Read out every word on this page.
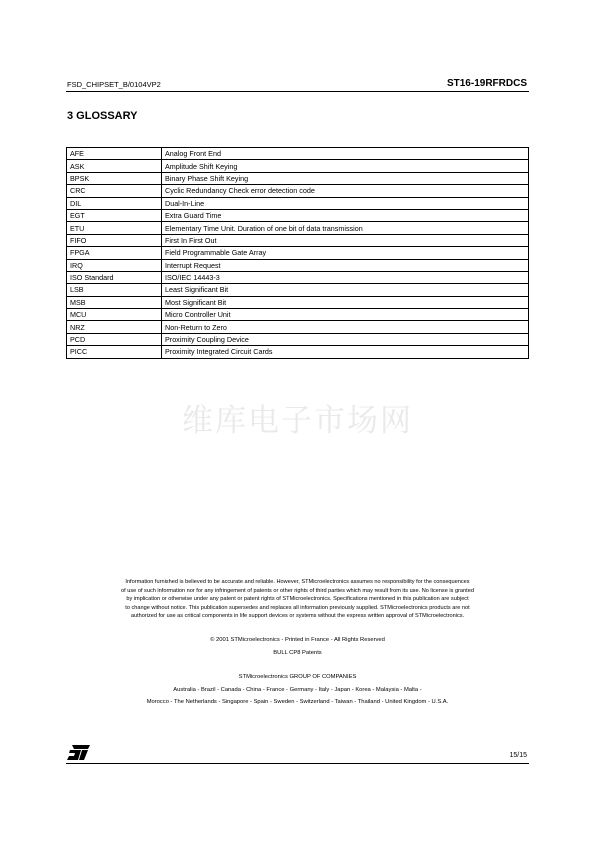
FSD_CHIPSET_B/0104VP2	ST16-19RFRDCS
3 GLOSSARY
AFE	Analog Front End
ASK	Amplitude Shift Keying
BPSK	Binary Phase Shift Keying
CRC	Cyclic Redundancy Check error detection code
DIL	Dual-In-Line
EGT	Extra Guard Time
ETU	Elementary Time Unit. Duration of one bit of data transmission
FIFO	First In First Out
FPGA	Field Programmable Gate Array
IRQ	Interrupt Request
ISO Standard	ISO/IEC 14443-3
LSB	Least Significant Bit
MSB	Most Significant Bit
MCU	Micro Controller Unit
NRZ	Non-Return to Zero
PCD	Proximity Coupling Device
PICC	Proximity Integrated Circuit Cards
维库电子市场网

Information furnished is believed to be accurate and reliable. However, STMicroelectronics assumes no responsibility for the consequences

of use of such information nor for any infringement of patents or other rights of third parties which may result from its use. No license is granted

by implication or otherwise under any patent or patent rights of STMicroelectronics. Specifications mentioned in this publication are subject

to change without notice. This publication supersedes and replaces all information previously supplied. STMicroelectronics products are not

authorized for use as critical components in life support devices or systems without the express written approval of STMicroelectronics.

© 2001 STMicroelectronics - Printed in France - All Rights Reserved
BULL CP8 Patents
STMicroelectronics GROUP OF COMPANIES
Australia - Brazil - Canada - China - France - Germany - Italy - Japan - Korea - Malaysia - Malta -
Morocco - The Netherlands - Singapore - Spain - Sweden - Switzerland - Taiwan - Thailand - United Kingdom - U.S.A.
15/15
